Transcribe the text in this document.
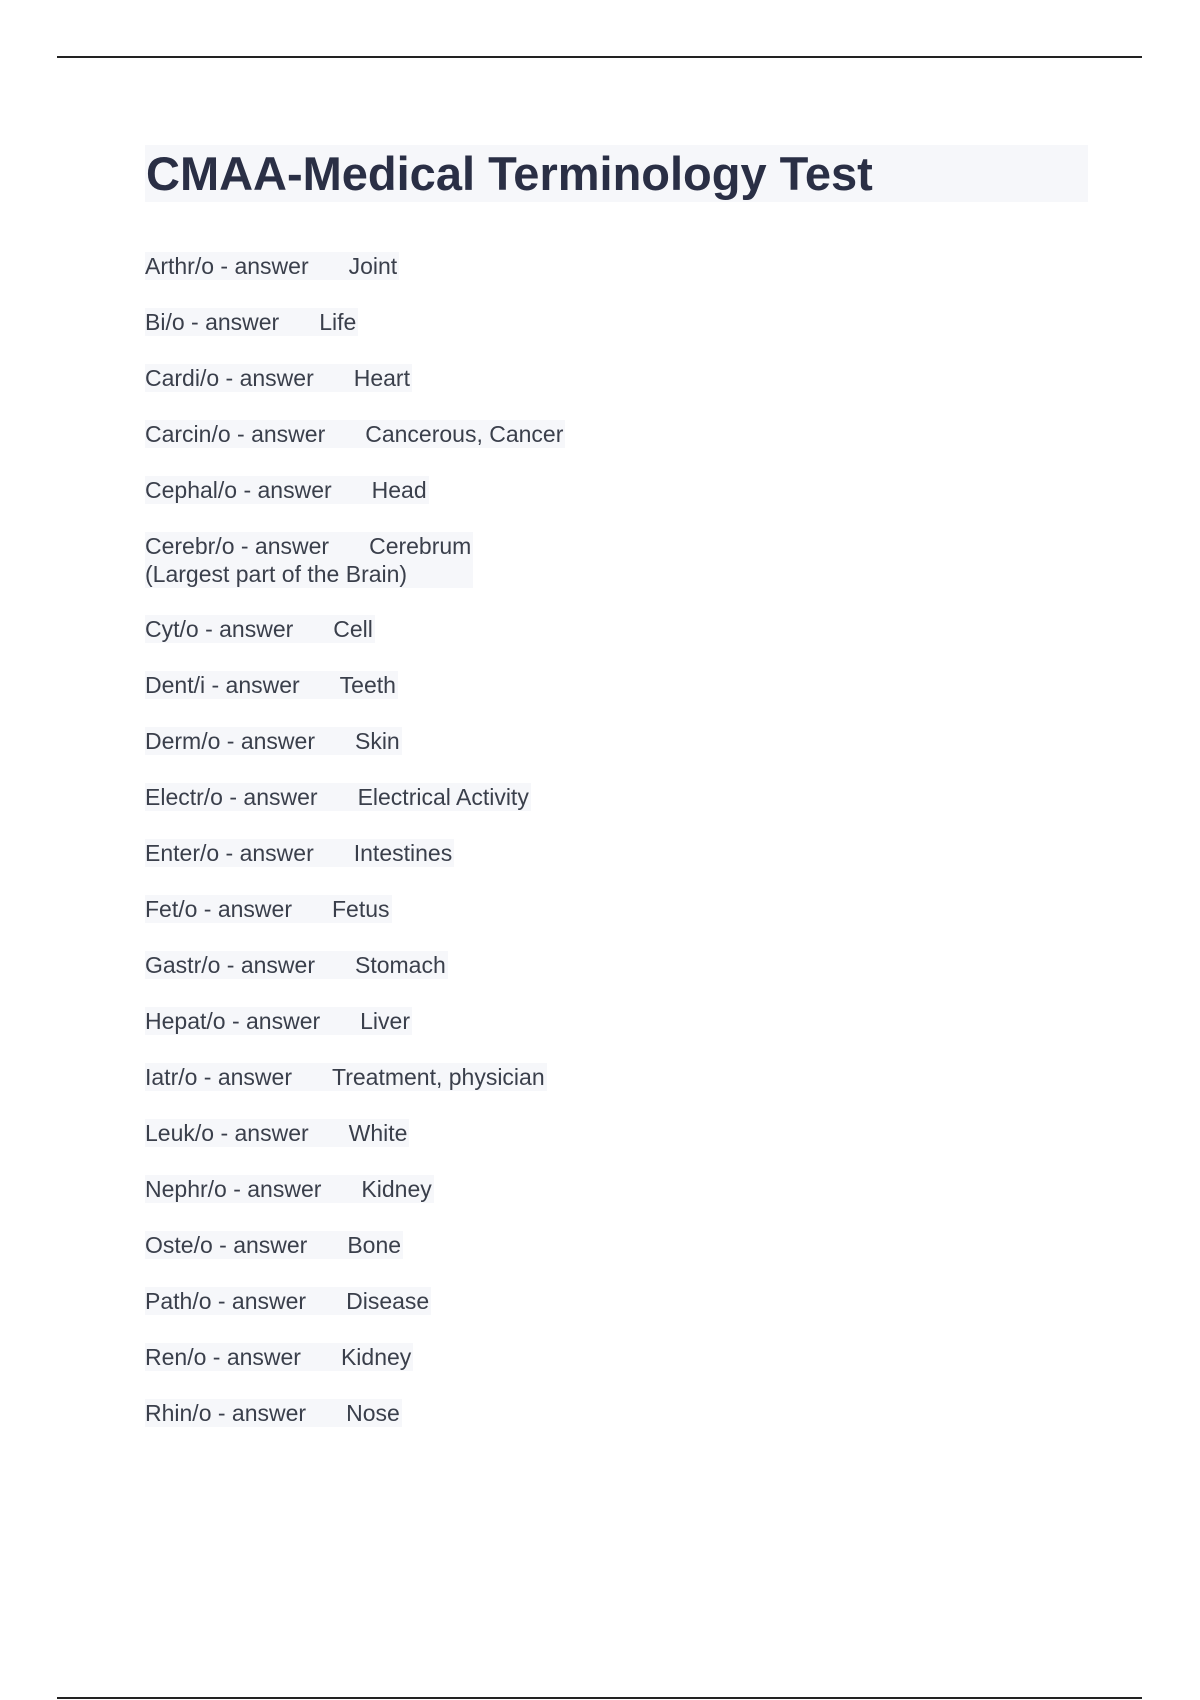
CMAA-Medical Terminology Test
Arthr/o - answer Joint
Bi/o - answer Life
Cardi/o - answer Heart
Carcin/o - answer Cancerous, Cancer
Cephal/o - answer Head
Cerebr/o - answer Cerebrum
(Largest part of the Brain)
Cyt/o - answer Cell
Dent/i - answer Teeth
Derm/o - answer Skin
Electr/o - answer Electrical Activity
Enter/o - answer Intestines
Fet/o - answer Fetus
Gastr/o - answer Stomach
Hepat/o - answer Liver
Iatr/o - answer Treatment, physician
Leuk/o - answer White
Nephr/o - answer Kidney
Oste/o - answer Bone
Path/o - answer Disease
Ren/o - answer Kidney
Rhin/o - answer Nose
